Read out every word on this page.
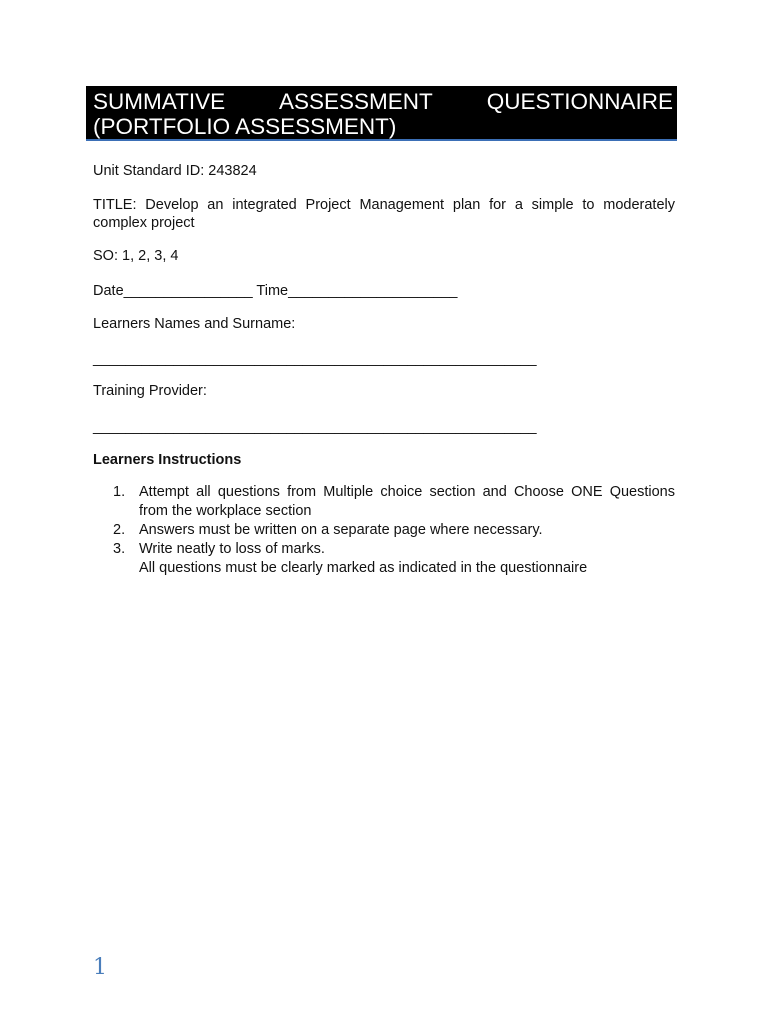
SUMMATIVE ASSESSMENT QUESTIONNAIRE
(PORTFOLIO ASSESSMENT)
Unit Standard ID: 243824
TITLE: Develop an integrated Project Management plan for a simple to moderately complex project
SO: 1, 2, 3, 4
Date________________ Time_____________________
Learners Names and Surname:
_______________________________________________________
Training Provider:
_______________________________________________________
Learners Instructions
1. Attempt all questions from Multiple choice section and Choose ONE Questions from the workplace section
2. Answers must be written on a separate page where necessary.
3. Write neatly to loss of marks.
All questions must be clearly marked as indicated in the questionnaire
1
